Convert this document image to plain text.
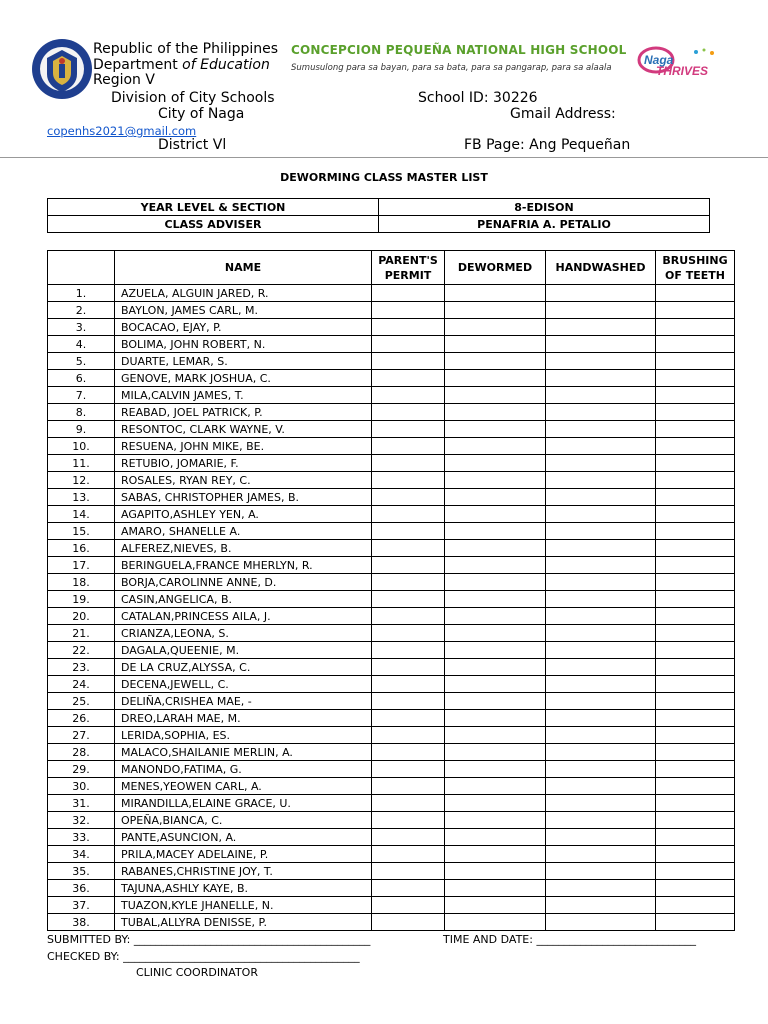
Republic of the Philippines
Department of Education
Region V
Division of City Schools
City of Naga
copenhs2021@gmail.com
District Vl
CONCEPCION PEQUEÑA NATIONAL HIGH SCHOOL
Sumusulong para sa bayan, para sa bata, para sa pangarap, para sa alaala
Naga
THRIVES
School ID: 30226
Gmail Address:
FB Page: Ang Pequeñan
DEWORMING CLASS MASTER LIST
YEAR LEVEL & SECTION	8-EDISON
CLASS ADVISER	PENAFRIA A. PETALIO
	NAME	PARENT'S PERMIT	DEWORMED	HANDWASHED	BRUSHING OF TEETH
1.	AZUELA, ALGUIN JARED, R.				
2.	BAYLON, JAMES CARL, M.				
3.	BOCACAO, EJAY, P.				
4.	BOLIMA, JOHN ROBERT, N.				
5.	DUARTE, LEMAR, S.				
6.	GENOVE, MARK JOSHUA, C.				
7.	MILA,CALVIN JAMES, T.				
8.	REABAD, JOEL PATRICK, P.				
9.	RESONTOC, CLARK WAYNE, V.				
10.	RESUENA, JOHN MIKE, BE.				
11.	RETUBIO, JOMARIE, F.				
12.	ROSALES, RYAN REY, C.				
13.	SABAS, CHRISTOPHER JAMES, B.				
14.	AGAPITO,ASHLEY YEN, A.				
15.	AMARO, SHANELLE A.				
16.	ALFEREZ,NIEVES, B.				
17.	BERINGUELA,FRANCE MHERLYN, R.				
18.	BORJA,CAROLINNE ANNE, D.				
19.	CASIN,ANGELICA, B.				
20.	CATALAN,PRINCESS AILA, J.				
21.	CRIANZA,LEONA, S.				
22.	DAGALA,QUEENIE, M.				
23.	DE LA CRUZ,ALYSSA, C.				
24.	DECENA,JEWELL, C.				
25.	DELIÑA,CRISHEA MAE, -				
26.	DREO,LARAH MAE, M.				
27.	LERIDA,SOPHIA, ES.				
28.	MALACO,SHAILANIE MERLIN, A.				
29.	MANONDO,FATIMA, G.				
30.	MENES,YEOWEN CARL, A.				
31.	MIRANDILLA,ELAINE GRACE, U.				
32.	OPEÑA,BIANCA, C.				
33.	PANTE,ASUNCION, A.				
34.	PRILA,MACEY ADELAINE, P.				
35.	RABANES,CHRISTINE JOY, T.				
36.	TAJUNA,ASHLY KAYE, B.				
37.	TUAZON,KYLE JHANELLE, N.				
38.	TUBAL,ALLYRA DENISSE, P.				
SUBMITTED BY: ___________________________________________	TIME AND DATE: _____________________________
CHECKED BY: ___________________________________________
CLINIC COORDINATOR
